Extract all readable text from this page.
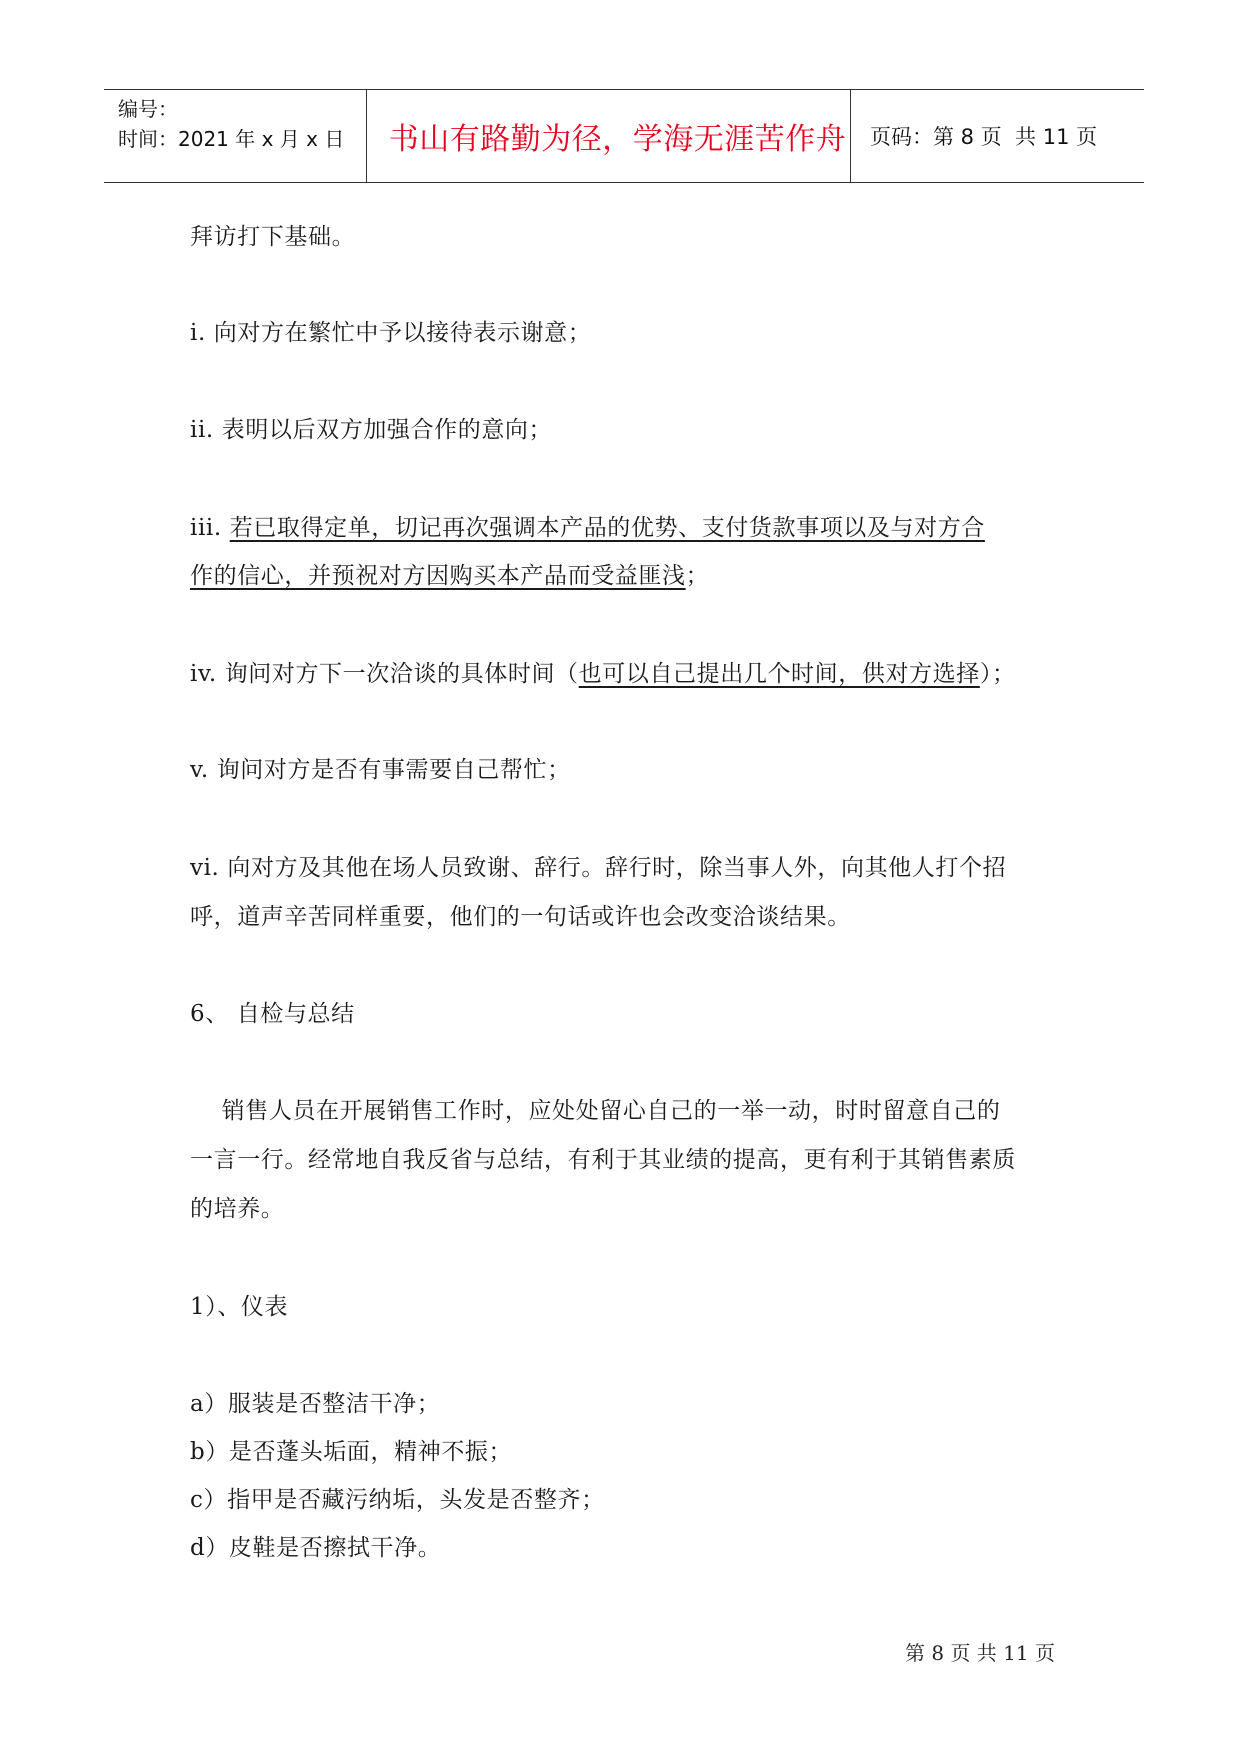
编号：
时间：2021 年 x 月 x 日	书山有路勤为径，学海无涯苦作舟	页码：第 8 页  共 11 页
拜访打下基础。
i. 向对方在繁忙中予以接待表示谢意；
ii. 表明以后双方加强合作的意向；
iii. 若已取得定单，切记再次强调本产品的优势、支付货款事项以及与对方合
作的信心，并预祝对方因购买本产品而受益匪浅；
iv. 询问对方下一次洽谈的具体时间（也可以自己提出几个时间，供对方选择）；
v. 询问对方是否有事需要自己帮忙；
vi. 向对方及其他在场人员致谢、辞行。辞行时，除当事人外，向其他人打个招
呼，道声辛苦同样重要，他们的一句话或许也会改变洽谈结果。
6、 自检与总结
销售人员在开展销售工作时，应处处留心自己的一举一动，时时留意自己的
一言一行。经常地自我反省与总结，有利于其业绩的提高，更有利于其销售素质
的培养。
1）、仪表
a）服装是否整洁干净；
b）是否蓬头垢面，精神不振；
c）指甲是否藏污纳垢，头发是否整齐；
d）皮鞋是否擦拭干净。
第 8 页 共 11 页
